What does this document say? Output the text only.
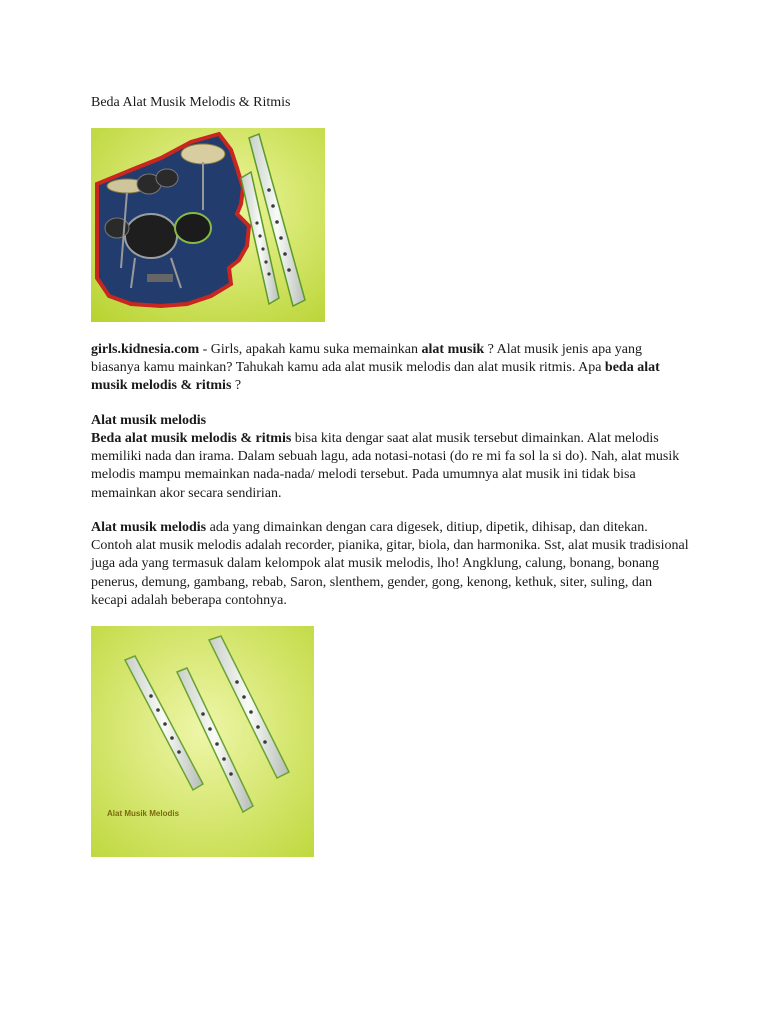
Beda Alat Musik Melodis & Ritmis

girls.kidnesia.com - Girls, apakah kamu suka memainkan alat musik ? Alat musik jenis apa yang biasanya kamu mainkan? Tahukah kamu ada alat musik melodis dan alat musik ritmis. Apa beda alat musik melodis & ritmis ?

Alat musik melodis

Beda alat musik melodis & ritmis bisa kita dengar saat alat musik tersebut dimainkan. Alat melodis memiliki nada dan irama. Dalam sebuah lagu, ada notasi-notasi (do re mi fa sol la si do). Nah, alat musik melodis mampu memainkan nada-nada/ melodi tersebut. Pada umumnya alat musik ini tidak bisa memainkan akor secara sendirian.

Alat musik melodis ada yang dimainkan dengan cara digesek, ditiup, dipetik, dihisap, dan ditekan. Contoh alat musik melodis adalah recorder, pianika, gitar, biola, dan harmonika. Sst, alat musik tradisional juga ada yang termasuk dalam kelompok alat musik melodis, lho! Angklung, calung, bonang, bonang penerus, demung, gambang, rebab, Saron, slenthem, gender, gong, kenong, kethuk, siter, suling, dan kecapi adalah beberapa contohnya.

Alat Musik Melodis
